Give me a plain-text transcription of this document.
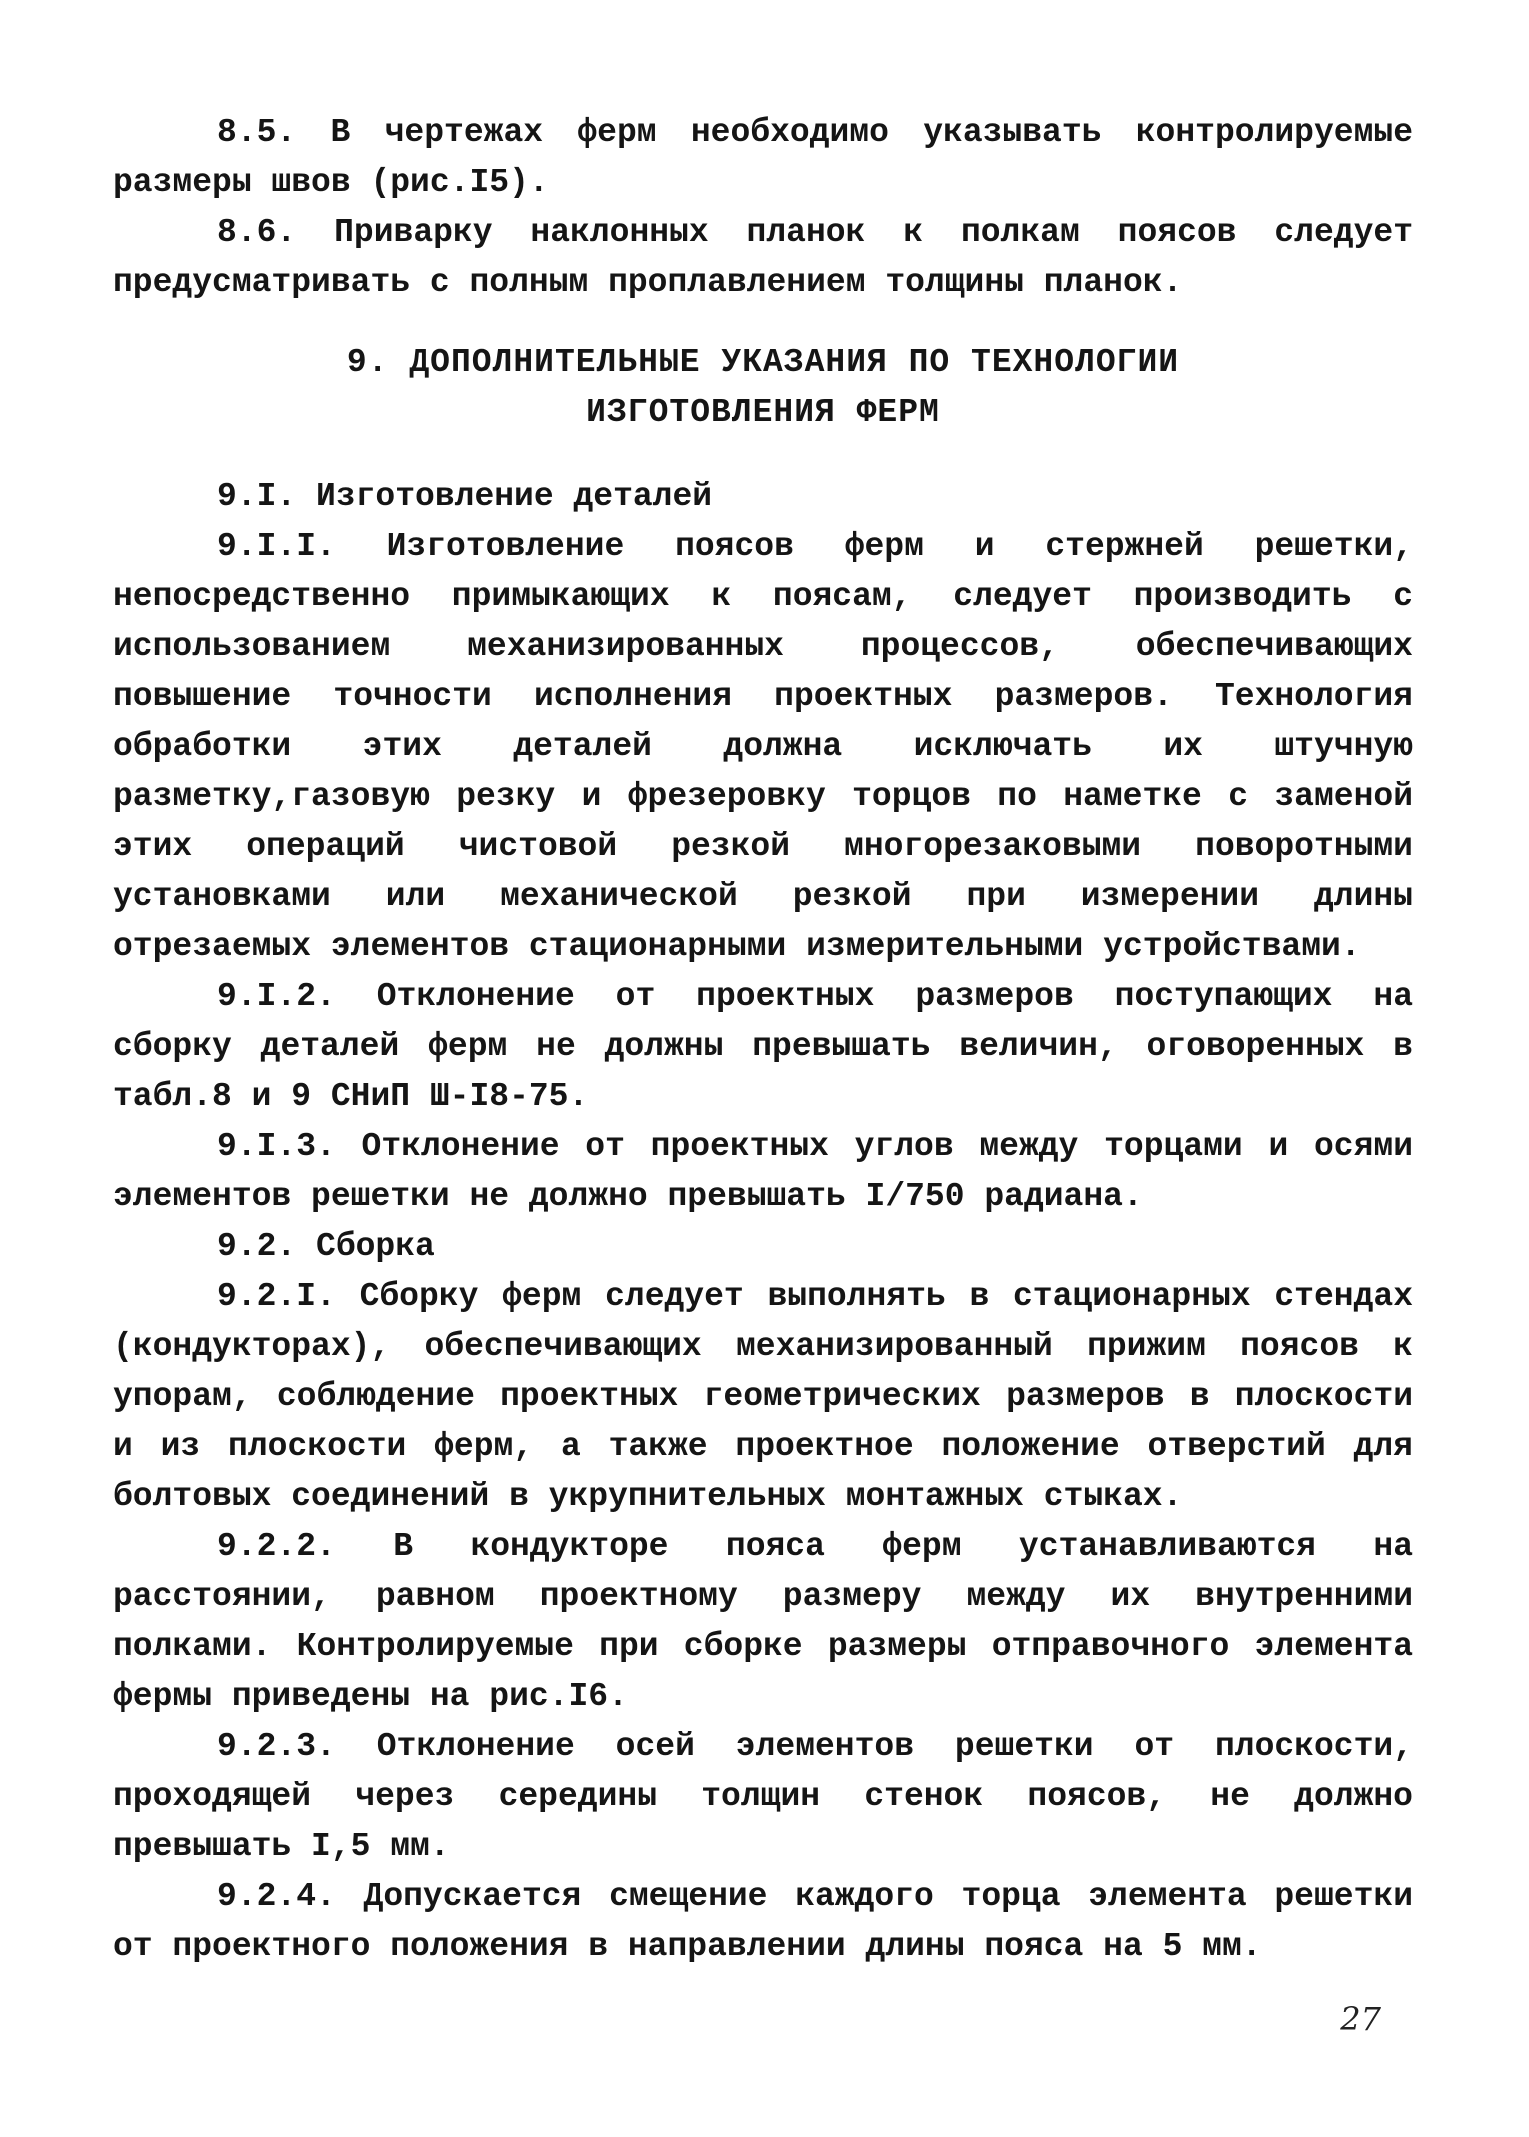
8.5. В чертежах ферм необходимо указывать контролируемые размеры швов (рис.I5).

8.6. Приварку наклонных планок к полкам поясов следует предусматривать с полным проплавлением толщины планок.

9. ДОПОЛНИТЕЛЬНЫЕ УКАЗАНИЯ ПО ТЕХНОЛОГИИ
ИЗГОТОВЛЕНИЯ ФЕРМ

9.I. Изготовление деталей

9.I.I. Изготовление поясов ферм и стержней решетки, непосредственно примыкающих к поясам, следует производить с использованием механизированных процессов, обеспечивающих повышение точности исполнения проектных размеров. Технология обработки этих деталей должна исключать их штучную разметку,газовую резку и фрезеровку торцов по наметке с заменой этих операций чистовой резкой многорезаковыми поворотными установками или механической резкой при измерении длины отрезаемых элементов стационарными измерительными устройствами.

9.I.2. Отклонение от проектных размеров поступающих на сборку деталей ферм не должны превышать величин, оговоренных в табл.8 и 9 СНиП Ш-I8-75.

9.I.3. Отклонение от проектных углов между торцами и осями элементов решетки не должно превышать I/750 радиана.

9.2. Сборка

9.2.I. Сборку ферм следует выполнять в стационарных стендах (кондукторах), обеспечивающих механизированный прижим поясов к упорам, соблюдение проектных геометрических размеров в плоскости и из плоскости ферм, а также проектное положение отверстий для болтовых соединений в укрупнительных монтажных стыках.

9.2.2. В кондукторе пояса ферм устанавливаются на расстоянии, равном проектному размеру между их внутренними полками. Контролируемые при сборке размеры отправочного элемента фермы приведены на рис.I6.

9.2.3. Отклонение осей элементов решетки от плоскости, проходящей через середины толщин стенок поясов, не должно превышать I,5 мм.

9.2.4. Допускается смещение каждого торца элемента решетки от проектного положения в направлении длины пояса на 5 мм.

27
